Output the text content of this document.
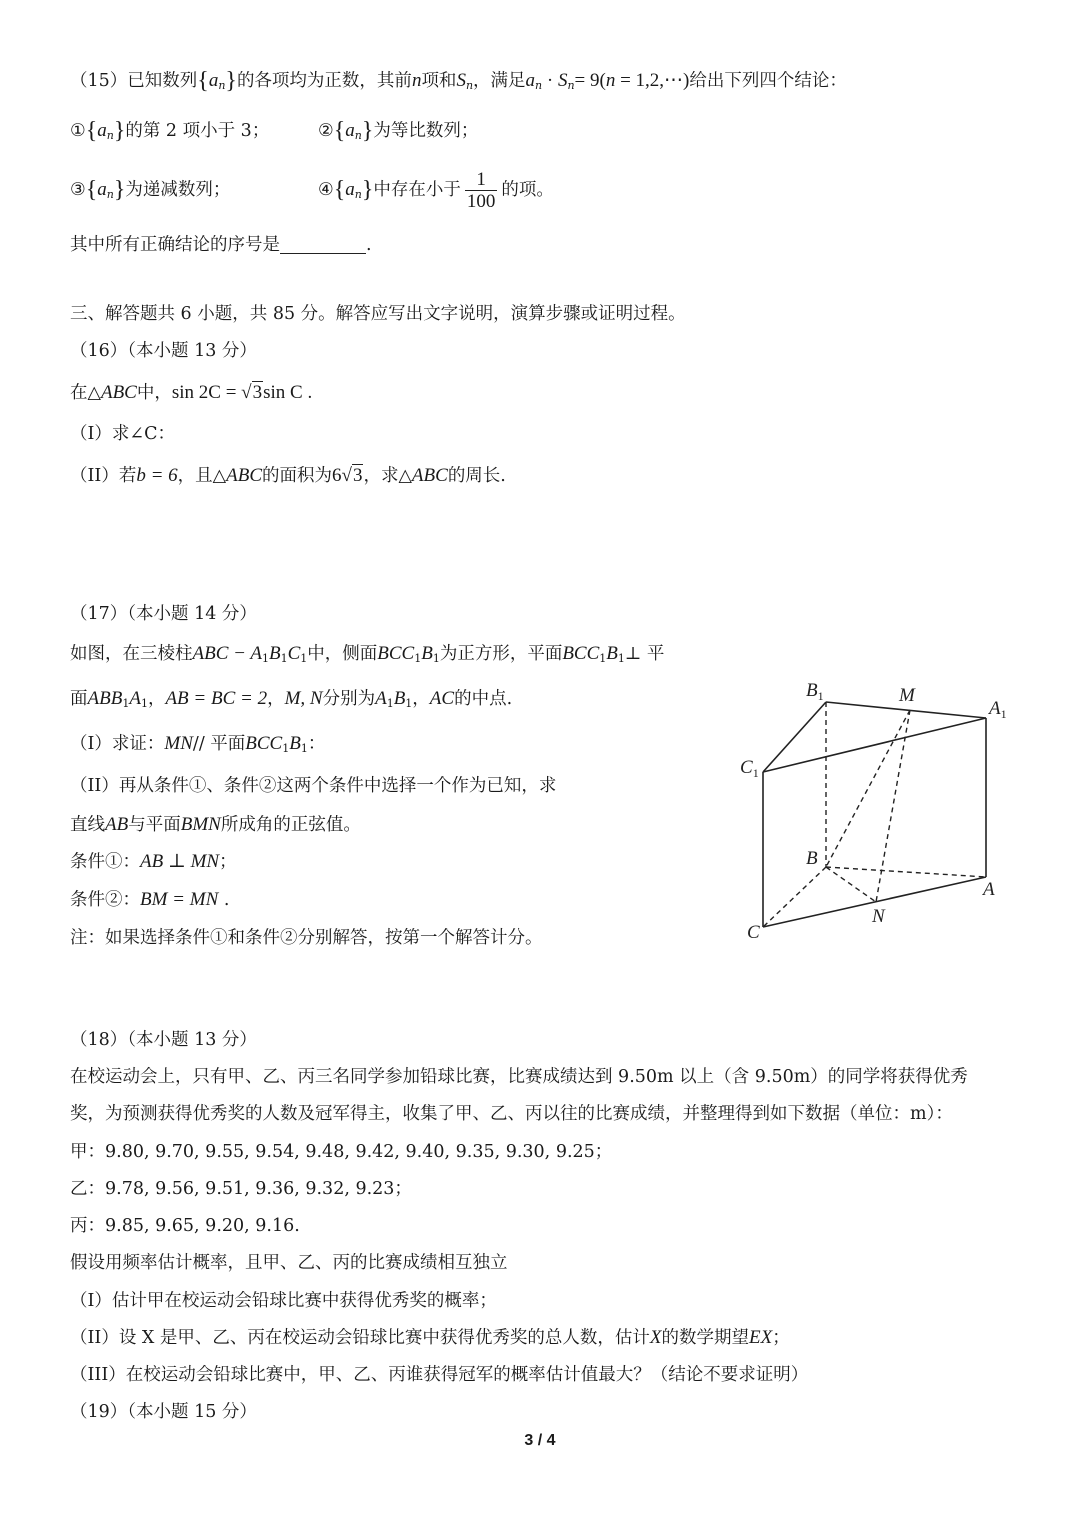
（15）已知数列$\{a_n\}$的各项均为正数，其前n项和$S_n$，满足$a_n \cdot S_n= 9(n$ = 1,2,⋯)给出下列四个结论：
$①\{a_n\}$的第 2 项小于 3；	$②\{a_n\}$为等比数列；
$③\{a_n\}$为递减数列；	$④\{a_n\}$中存在小于 $\frac{1}{100}$ 的项。
其中所有正确结论的序号是	.
三、解答题共 6 小题，共 85 分。解答应写出文字说明，演算步骤或证明过程。
（16）（本小题 13 分）
在△ABC中，sin 2C = √3sin C .
（I）求∠C：
（II）若b = 6，且△ABC的面积为6√3，求△ABC的周长.
（17）（本小题 14 分）
如图，在三棱柱ABC − $A_1B_1C_1$中，侧面$BCC_1B_1$为正方形，平面$BCC_1B_1\perp$ 平
面$ABB_1A_1$，AB = BC = 2，M, N分别为$A_1B_1$，AC的中点.
（I）求证：MN// 平面$BCC_1B_1$：
（II）再从条件①、条件②这两个条件中选择一个作为已知，求
直线AB与平面BMN所成角的正弦值。
条件①：AB ⊥ MN；
条件②：BM = MN .
注：如果选择条件①和条件②分别解答，按第一个解答计分。
$B_1$	M
$A_1$
$C_1$
B
A
N
C
（18）（本小题 13 分）
在校运动会上，只有甲、乙、丙三名同学参加铅球比赛，比赛成绩达到 9.50m 以上（含 9.50m）的同学将获得优秀
奖，为预测获得优秀奖的人数及冠军得主，收集了甲、乙、丙以往的比赛成绩，并整理得到如下数据（单位：m）：
甲：9.80, 9.70, 9.55, 9.54, 9.48, 9.42, 9.40, 9.35, 9.30, 9.25；
乙：9.78, 9.56, 9.51, 9.36, 9.32, 9.23；
丙：9.85, 9.65, 9.20, 9.16.
假设用频率估计概率，且甲、乙、丙的比赛成绩相互独立
（I）估计甲在校运动会铅球比赛中获得优秀奖的概率；
（II）设 X 是甲、乙、丙在校运动会铅球比赛中获得优秀奖的总人数，估计X的数学期望EX；
（III）在校运动会铅球比赛中，甲、乙、丙谁获得冠军的概率估计值最大？（结论不要求证明）
（19）（本小题 15 分）
3 / 4
